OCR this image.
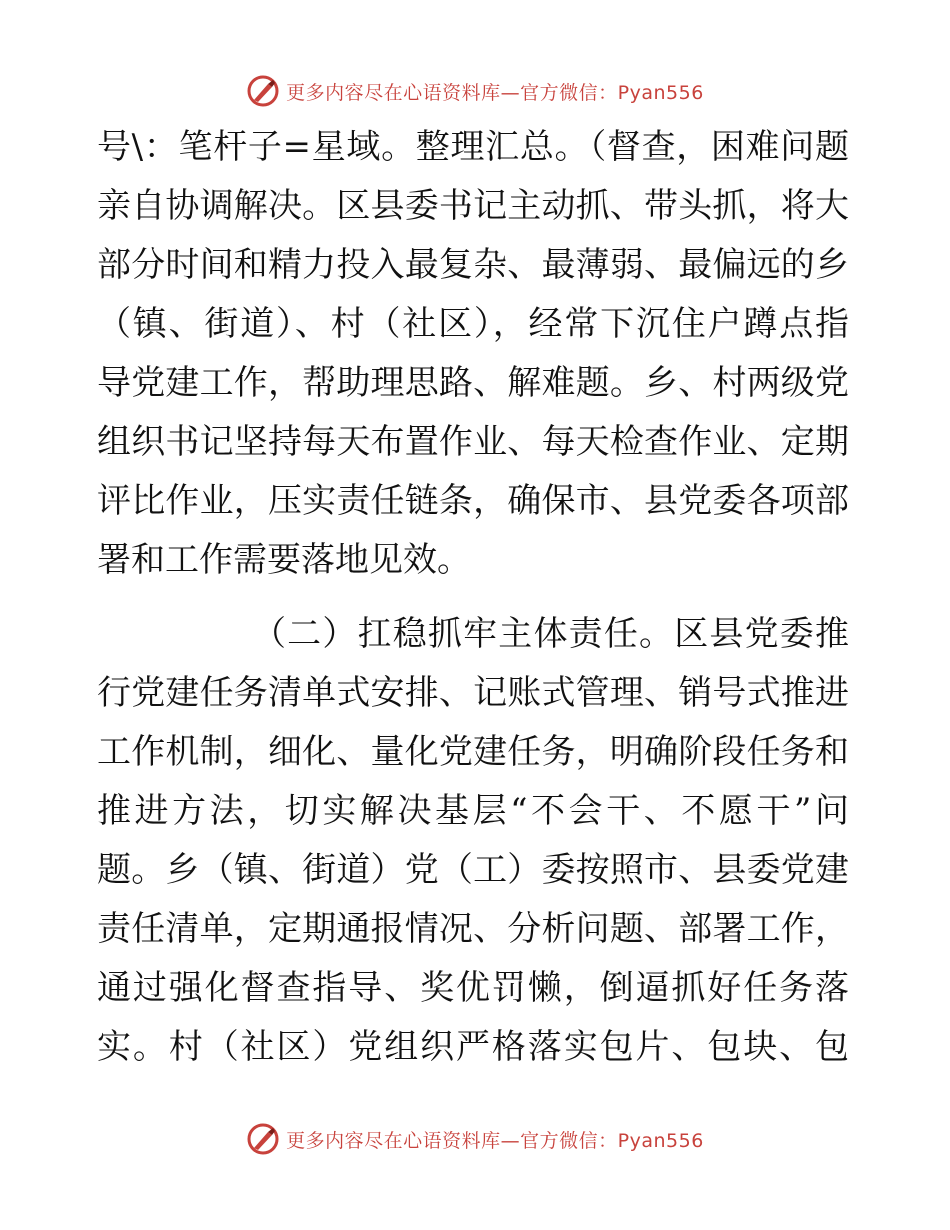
更多内容尽在心语资料库—官方微信：Pyan556
号\：笔杆子=星域。整理汇总。（督查，困难问题
亲自协调解决。区县委书记主动抓、带头抓，将大
部分时间和精力投入最复杂、最薄弱、最偏远的乡
（镇、街道）、村（社区），经常下沉住户蹲点指
导党建工作，帮助理思路、解难题。乡、村两级党
组织书记坚持每天布置作业、每天检查作业、定期
评比作业，压实责任链条，确保市、县党委各项部
署和工作需要落地见效。
（二）扛稳抓牢主体责任。区县党委推
行党建任务清单式安排、记账式管理、销号式推进
工作机制，细化、量化党建任务，明确阶段任务和
推进方法，切实解决基层“不会干、不愿干”问
题。乡（镇、街道）党（工）委按照市、县委党建
责任清单，定期通报情况、分析问题、部署工作，
通过强化督查指导、奖优罚懒，倒逼抓好任务落
实。村（社区）党组织严格落实包片、包块、包
更多内容尽在心语资料库—官方微信：Pyan556
